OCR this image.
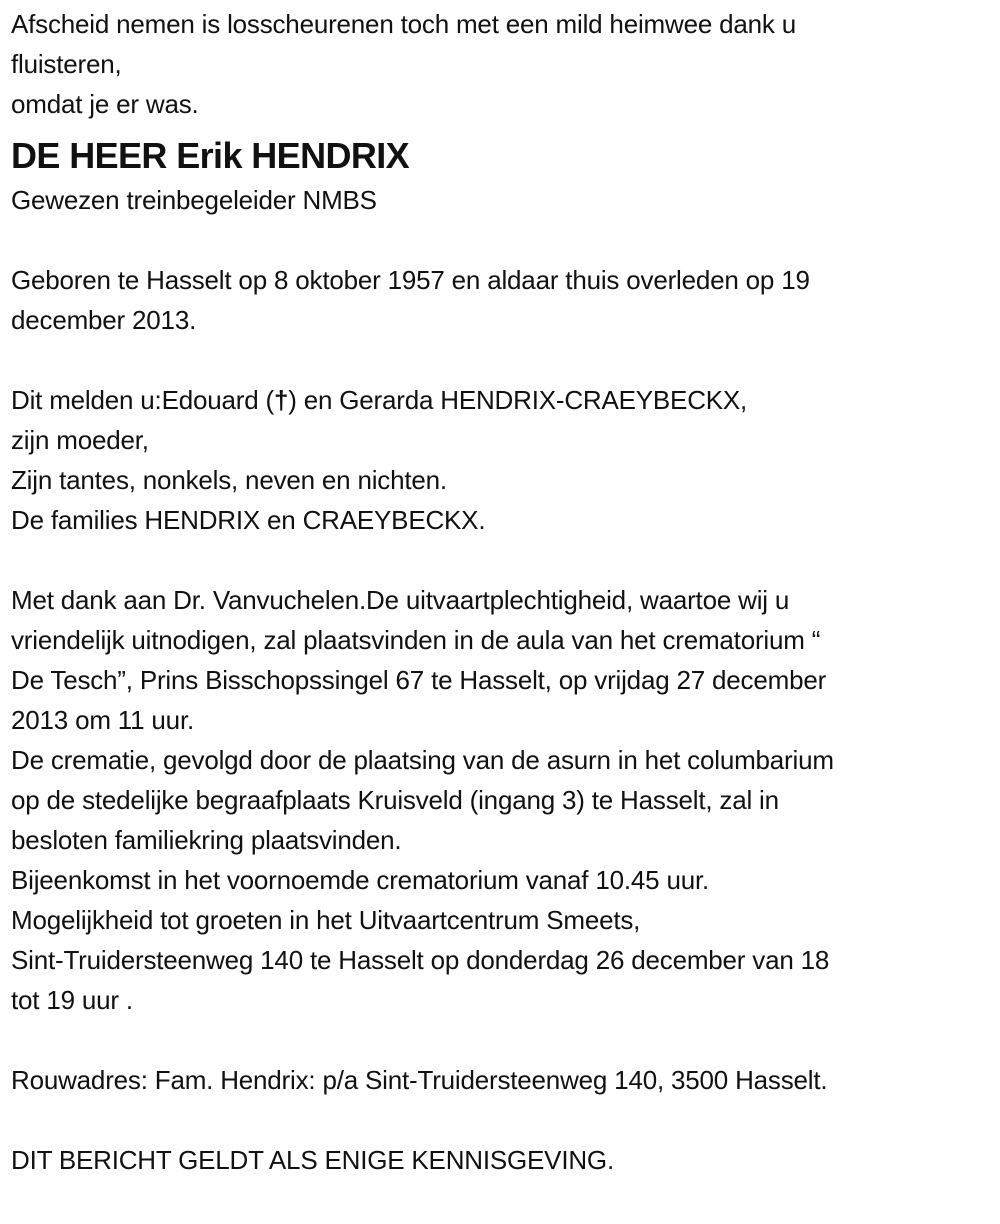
Afscheid nemen is losscheurenen toch met een mild heimwee dank u
fluisteren,
omdat je er was.
DE HEER Erik HENDRIX
Gewezen treinbegeleider NMBS
Geboren te Hasselt op 8 oktober 1957 en aldaar thuis overleden op 19
december 2013.
Dit melden u:Edouard (†) en Gerarda HENDRIX-CRAEYBECKX,
zijn moeder,
Zijn tantes, nonkels, neven en nichten.
De families HENDRIX en CRAEYBECKX.
Met dank aan Dr. Vanvuchelen.De uitvaartplechtigheid, waartoe wij u
vriendelijk uitnodigen, zal plaatsvinden in de aula van het crematorium “
De Tesch”, Prins Bisschopssingel 67 te Hasselt, op vrijdag 27 december
2013 om 11 uur.
De crematie, gevolgd door de plaatsing van de asurn in het columbarium
op de stedelijke begraafplaats Kruisveld (ingang 3) te Hasselt, zal in
besloten familiekring plaatsvinden.
Bijeenkomst in het voornoemde crematorium vanaf 10.45 uur.
Mogelijkheid tot groeten in het Uitvaartcentrum Smeets,
Sint-Truidersteenweg 140 te Hasselt op donderdag 26 december van 18
tot 19 uur .
Rouwadres: Fam. Hendrix: p/a Sint-Truidersteenweg 140, 3500 Hasselt.
DIT BERICHT GELDT ALS ENIGE KENNISGEVING.
